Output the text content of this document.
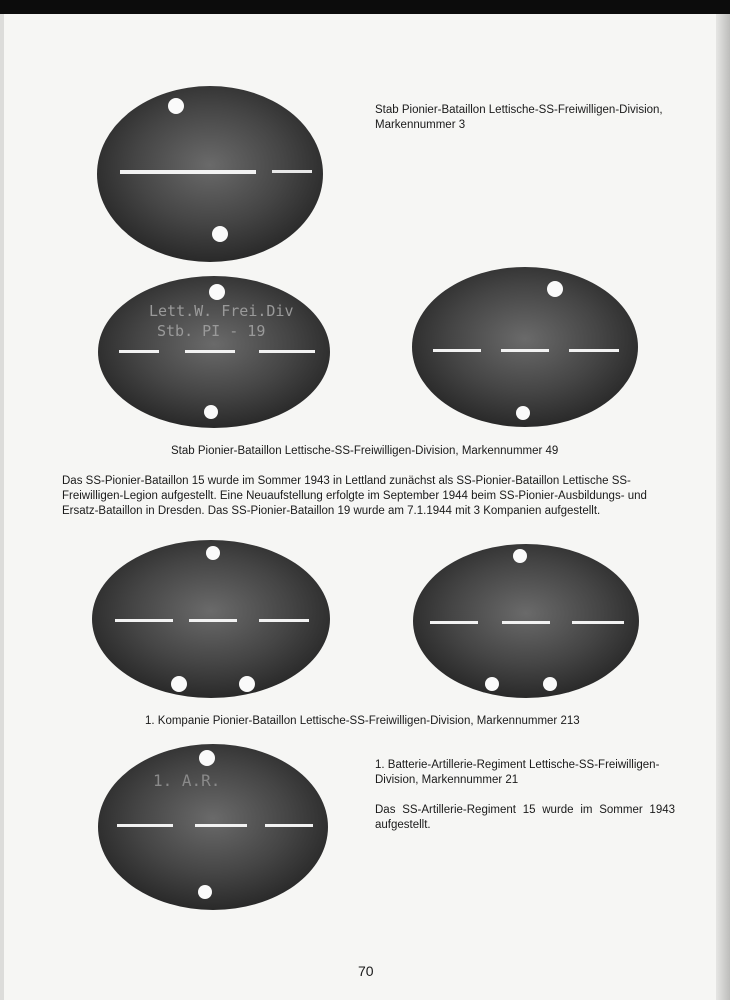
Stab Pionier-Bataillon Lettische-SS-Freiwilligen-Division,
Markennummer 3
Lett.W. Frei.Div
Stb. PI - 19
Stab Pionier-Bataillon Lettische-SS-Freiwilligen-Division, Markennummer 49
Das SS-Pionier-Bataillon 15 wurde im Sommer 1943 in Lettland zunächst als SS-Pionier-Bataillon Lettische SS-
Freiwilligen-Legion aufgestellt. Eine Neuaufstellung erfolgte im September 1944 beim SS-Pionier-Ausbildungs- und
Ersatz-Bataillon in Dresden. Das SS-Pionier-Bataillon 19 wurde am 7.1.1944 mit 3 Kompanien aufgestellt.
1. Kompanie Pionier-Bataillon Lettische-SS-Freiwilligen-Division, Markennummer 213
1. A.R.
1. Batterie-Artillerie-Regiment Lettische-SS-Freiwilligen-
Division, Markennummer 21
Das SS-Artillerie-Regiment 15 wurde im Sommer 1943
aufgestellt.
70
